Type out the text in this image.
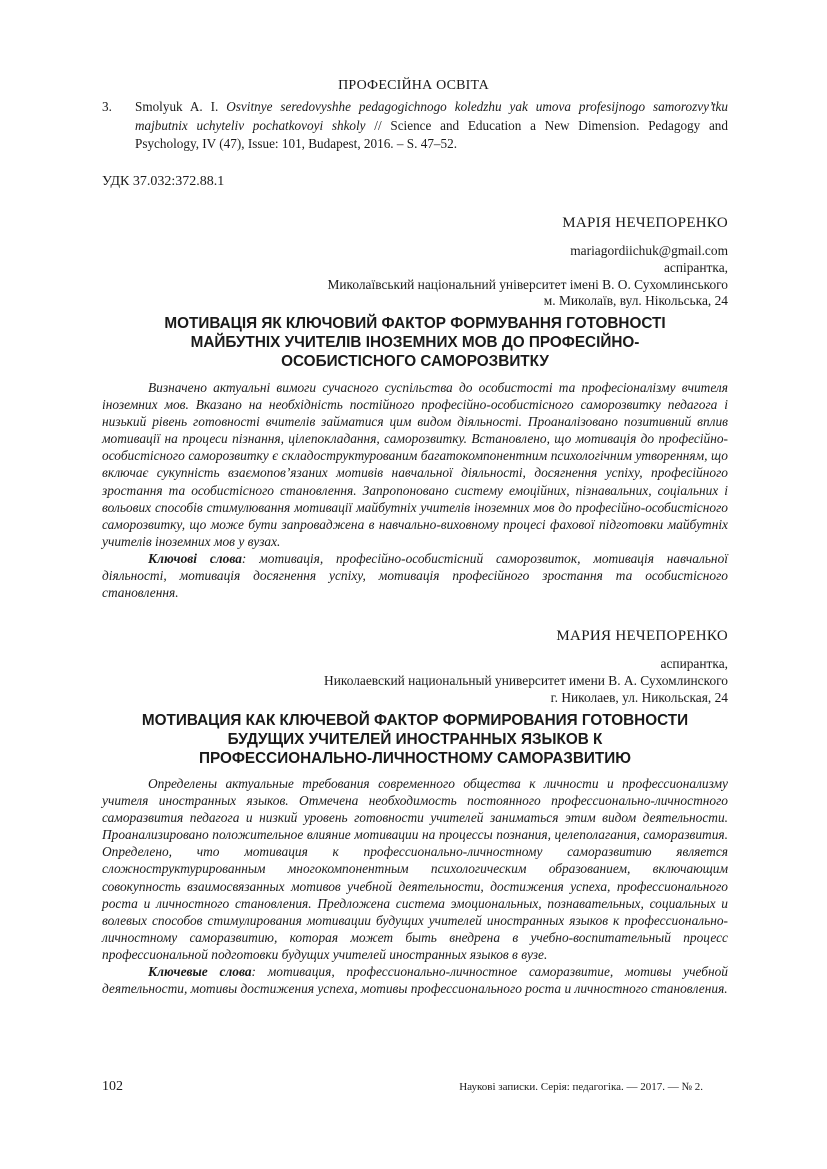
ПРОФЕСІЙНА ОСВІТА
3. Smolyuk A. I. Osvitnye seredovyshhe pedagogichnogo koledzhu yak umova profesijnogo samorozvy’tku majbutnix uchyteliv pochatkovoyi shkoly // Science and Education a New Dimension. Pedagogy and Psychology, IV (47), Issue: 101, Budapest, 2016. – S. 47–52.
УДК 37.032:372.88.1
МАРІЯ НЕЧЕПОРЕНКО
mariagordiichuk@gmail.com
аспірантка,
Миколаївський національний університет імені В. О. Сухомлинського
м. Миколаїв, вул. Нікольська, 24
МОТИВАЦІЯ ЯК КЛЮЧОВИЙ ФАКТОР ФОРМУВАННЯ ГОТОВНОСТІ
МАЙБУТНІХ УЧИТЕЛІВ ІНОЗЕМНИХ МОВ ДО ПРОФЕСІЙНО-
ОСОБИСТІСНОГО САМОРОЗВИТКУ

Визначено актуальні вимоги сучасного суспільства до особистості та професіоналізму вчителя іноземних мов. Вказано на необхідність постійного професійно-особистісного саморозвитку педагога і низький рівень готовності вчителів займатися цим видом діяльності. Проаналізовано позитивний вплив мотивації на процеси пізнання, цілепокладання, саморозвитку. Встановлено, що мотивація до професійно-особистісного саморозвитку є складоструктурованим багатокомпонентним психологічним утворенням, що включає сукупність взаємопов’язаних мотивів навчальної діяльності, досягнення успіху, професійного зростання та особистісного становлення. Запропоновано систему емоційних, пізнавальних, соціальних і вольових способів стимулювання мотивації майбутніх учителів іноземних мов до професійно-особистісного саморозвитку, що може бути запроваджена в навчально-виховному процесі фахової підготовки майбутніх учителів іноземних мов у вузах.

Ключові слова: мотивація, професійно-особистісний саморозвиток, мотивація навчальної діяльності, мотивація досягнення успіху, мотивація професійного зростання та особистісного становлення.

МАРИЯ НЕЧЕПОРЕНКО
аспирантка,
Николаевский национальный университет имени В. А. Сухомлинского
г. Николаев, ул. Никольская, 24
МОТИВАЦИЯ КАК КЛЮЧЕВОЙ ФАКТОР ФОРМИРОВАНИЯ ГОТОВНОСТИ
БУДУЩИХ УЧИТЕЛЕЙ ИНОСТРАННЫХ ЯЗЫКОВ К
ПРОФЕССИОНАЛЬНО-ЛИЧНОСТНОМУ САМОРАЗВИТИЮ

Определены актуальные требования современного общества к личности и профессионализму учителя иностранных языков. Отмечена необходимость постоянного профессионально-личностного саморазвития педагога и низкий уровень готовности учителей заниматься этим видом деятельности. Проанализировано положительное влияние мотивации на процессы познания, целеполагания, саморазвития. Определено, что мотивация к профессионально-личностному саморазвитию является сложноструктурированным многокомпонентным психологическим образованием, включающим совокупность взаимосвязанных мотивов учебной деятельности, достижения успеха, профессионального роста и личностного становления. Предложена система эмоциональных, познавательных, социальных и волевых способов стимулирования мотивации будущих учителей иностранных языков к профессионально-личностному саморазвитию, которая может быть внедрена в учебно-воспитательный процесс профессиональной подготовки будущих учителей иностранных языков в вузе.

Ключевые слова: мотивация, профессионально-личностное саморазвитие, мотивы учебной деятельности, мотивы достижения успеха, мотивы профессионального роста и личностного становления.

102	Наукові записки. Серія: педагогіка. — 2017. — № 2.
